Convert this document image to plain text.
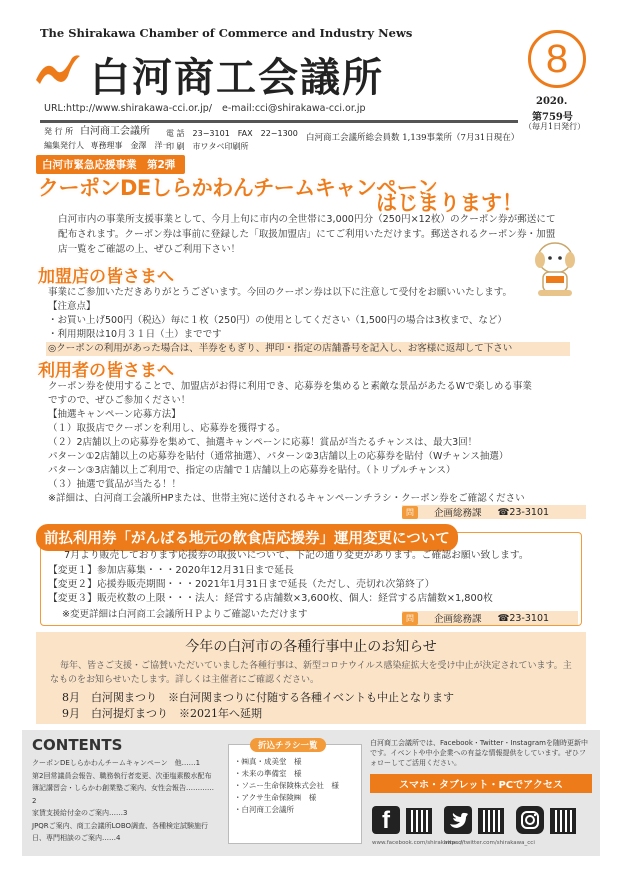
The Shirakawa Chamber of Commerce and Industry News
白河商工会議所
URL:http://www.shirakawa-cci.or.jp/ e-mail:cci@shirakawa-cci.or.jp
8
2020.
第759号
（毎月1日発行）
発 行 所 白河商工会議所
編集発行人 専務理事　金澤　洋一
電 話　23−3101　FAX　22−1300
印 刷　市ワタベ印刷所
白河商工会議所総会員数 1,139事業所（7月31日現在）
白河市緊急応援事業　第2弾
クーポンDEしらかわんチームキャンペーン
はじまります！
白河市内の事業所支援事業として、今月上旬に市内の全世帯に3,000円分（250円×12枚）のクーポン券が郵送にて配布されます。クーポン券は事前に登録した「取扱加盟店」にてご利用いただけます。郵送されるクーポン券・加盟店一覧をご確認の上、ぜひご利用下さい！
加盟店の皆さまへ
事業にご参加いただきありがとうございます。今回のクーポン券は以下に注意して受付をお願いいたします。
【注意点】
・お買い上げ500円（税込）毎に１枚（250円）の使用としてください（1,500円の場合は3枚まで、など）
・利用期限は10月３１日（土）までです
◎クーポンの利用があった場合は、半券をもぎり、押印・指定の店舗番号を記入し、お客様に返却して下さい
利用者の皆さまへ
クーポン券を使用することで、加盟店がお得に利用でき、応募券を集めると素敵な景品があたるWで楽しめる事業
ですので、ぜひご参加ください！
【抽選キャンペーン応募方法】
（１）取扱店でクーポンを利用し、応募券を獲得する。
（２）2店舗以上の応募券を集めて、抽選キャンペーンに応募！賞品が当たるチャンスは、最大3回！
パターン①2店舗以上の応募券を貼付（通常抽選）、パターン②3店舗以上の応募券を貼付（Wチャンス抽選）
パターン③3店舗以上ご利用で、指定の店舗で１店舗以上の応募券を貼付。（トリプルチャンス）
（３）抽選で賞品が当たる！！
※詳細は、白河商工会議所HPまたは、世帯主宛に送付されるキャンペーンチラシ・クーポン券をご確認ください
問	企画総務課 ☎23-3101
前払利用券「がんばる地元の飲食店応援券」運用変更について
7月より販売しております応援券の取扱いについて、下記の通り変更があります。ご確認お願い致します。
【変更１】参加店募集・・・2020年12月31日まで延長
【変更２】応援券販売期間・・・2021年1月31日まで延長（ただし、売切れ次第終了）
【変更３】販売枚数の上限・・・法人：経営する店舗数×3,600枚、個人：経営する店舗数×1,800枚
※変更詳細は白河商工会議所ＨＰよりご確認いただけます	問	企画総務課 ☎23-3101
今年の白河市の各種行事中止のお知らせ
毎年、皆さご支援・ご協賛いただいていました各種行事は、新型コロナウイルス感染症拡大を受け中止が決定されています。主なものをお知らせいたします。詳しくは主催者にご確認ください。
8月　白河関まつり　※白河関まつりに付随する各種イベントも中止となります
9月　白河提灯まつり　※2021年へ延期
CONTENTS
クーポンDEしらかわんチームキャンペーン　他……1
第2回常議員会報告、職務執行者変更、次亜塩素酸水配布
簿記講習会・しらかわ創業塾ご案内、女性会報告…………2
家賃支援給付金のご案内……3
JPQRご案内、商工会議所LOBO調査、各種検定試験施行
日、専門相談のご案内……4
折込チラシ一覧
・㈱真・成美堂　様
・未来の準備室　様
・ソニー生命保険株式会社　様
・アクサ生命保険㈱　様
・白河商工会議所
白河商工会議所では、Facebook・Twitter・Instagramを随時更新中です。イベントや中小企業への有益な情報提供をしています。ぜひフォローしてご活用ください。
スマホ・タブレット・PCでアクセス
f
www.facebook.com/shirakawacci
https://twitter.com/shirakawa_cci
